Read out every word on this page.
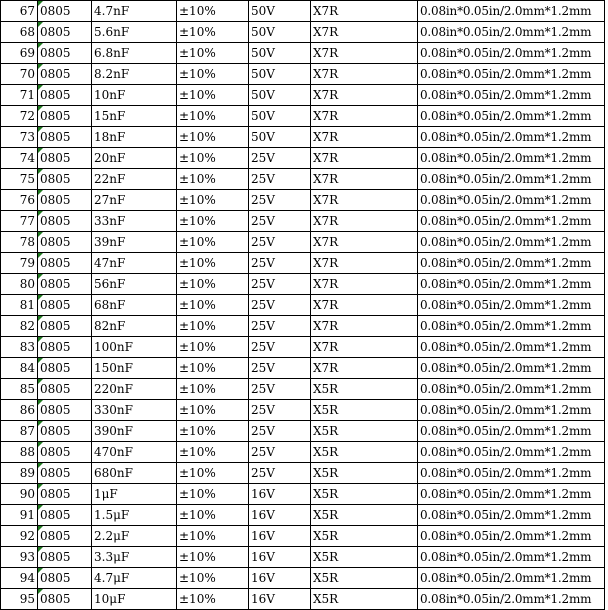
67	0805	4.7nF	±10%	50V	X7R	0.08in*0.05in/2.0mm*1.2mm
68	0805	5.6nF	±10%	50V	X7R	0.08in*0.05in/2.0mm*1.2mm
69	0805	6.8nF	±10%	50V	X7R	0.08in*0.05in/2.0mm*1.2mm
70	0805	8.2nF	±10%	50V	X7R	0.08in*0.05in/2.0mm*1.2mm
71	0805	10nF	±10%	50V	X7R	0.08in*0.05in/2.0mm*1.2mm
72	0805	15nF	±10%	50V	X7R	0.08in*0.05in/2.0mm*1.2mm
73	0805	18nF	±10%	50V	X7R	0.08in*0.05in/2.0mm*1.2mm
74	0805	20nF	±10%	25V	X7R	0.08in*0.05in/2.0mm*1.2mm
75	0805	22nF	±10%	25V	X7R	0.08in*0.05in/2.0mm*1.2mm
76	0805	27nF	±10%	25V	X7R	0.08in*0.05in/2.0mm*1.2mm
77	0805	33nF	±10%	25V	X7R	0.08in*0.05in/2.0mm*1.2mm
78	0805	39nF	±10%	25V	X7R	0.08in*0.05in/2.0mm*1.2mm
79	0805	47nF	±10%	25V	X7R	0.08in*0.05in/2.0mm*1.2mm
80	0805	56nF	±10%	25V	X7R	0.08in*0.05in/2.0mm*1.2mm
81	0805	68nF	±10%	25V	X7R	0.08in*0.05in/2.0mm*1.2mm
82	0805	82nF	±10%	25V	X7R	0.08in*0.05in/2.0mm*1.2mm
83	0805	100nF	±10%	25V	X7R	0.08in*0.05in/2.0mm*1.2mm
84	0805	150nF	±10%	25V	X7R	0.08in*0.05in/2.0mm*1.2mm
85	0805	220nF	±10%	25V	X5R	0.08in*0.05in/2.0mm*1.2mm
86	0805	330nF	±10%	25V	X5R	0.08in*0.05in/2.0mm*1.2mm
87	0805	390nF	±10%	25V	X5R	0.08in*0.05in/2.0mm*1.2mm
88	0805	470nF	±10%	25V	X5R	0.08in*0.05in/2.0mm*1.2mm
89	0805	680nF	±10%	25V	X5R	0.08in*0.05in/2.0mm*1.2mm
90	0805	1μF	±10%	16V	X5R	0.08in*0.05in/2.0mm*1.2mm
91	0805	1.5μF	±10%	16V	X5R	0.08in*0.05in/2.0mm*1.2mm
92	0805	2.2μF	±10%	16V	X5R	0.08in*0.05in/2.0mm*1.2mm
93	0805	3.3μF	±10%	16V	X5R	0.08in*0.05in/2.0mm*1.2mm
94	0805	4.7μF	±10%	16V	X5R	0.08in*0.05in/2.0mm*1.2mm
95	0805	10μF	±10%	16V	X5R	0.08in*0.05in/2.0mm*1.2mm
